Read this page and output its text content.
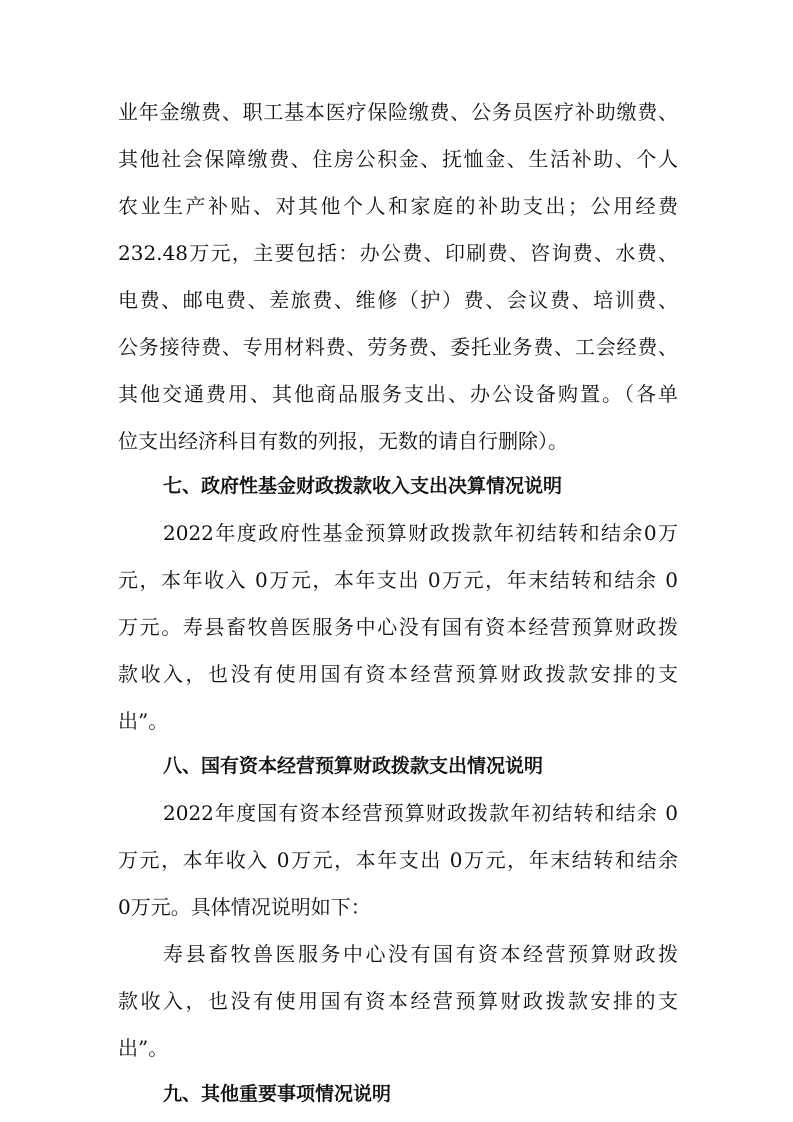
业年金缴费、职工基本医疗保险缴费、公务员医疗补助缴费、

其他社会保障缴费、住房公积金、抚恤金、生活补助、个人

农业生产补贴、对其他个人和家庭的补助支出；公用经费

232.48万元，主要包括：办公费、印刷费、咨询费、水费、

电费、邮电费、差旅费、维修（护）费、会议费、培训费、

公务接待费、专用材料费、劳务费、委托业务费、工会经费、

其他交通费用、其他商品服务支出、办公设备购置。（各单

位支出经济科目有数的列报，无数的请自行删除）。

七、政府性基金财政拨款收入支出决算情况说明

2022年度政府性基金预算财政拨款年初结转和结余0万

元，本年收入 0万元，本年支出 0万元，年末结转和结余 0

万元。寿县畜牧兽医服务中心没有国有资本经营预算财政拨

款收入，也没有使用国有资本经营预算财政拨款安排的支

出”。

八、国有资本经营预算财政拨款支出情况说明

2022年度国有资本经营预算财政拨款年初结转和结余 0

万元，本年收入 0万元，本年支出 0万元，年末结转和结余

0万元。具体情况说明如下：

寿县畜牧兽医服务中心没有国有资本经营预算财政拨

款收入，也没有使用国有资本经营预算财政拨款安排的支

出”。

九、其他重要事项情况说明
